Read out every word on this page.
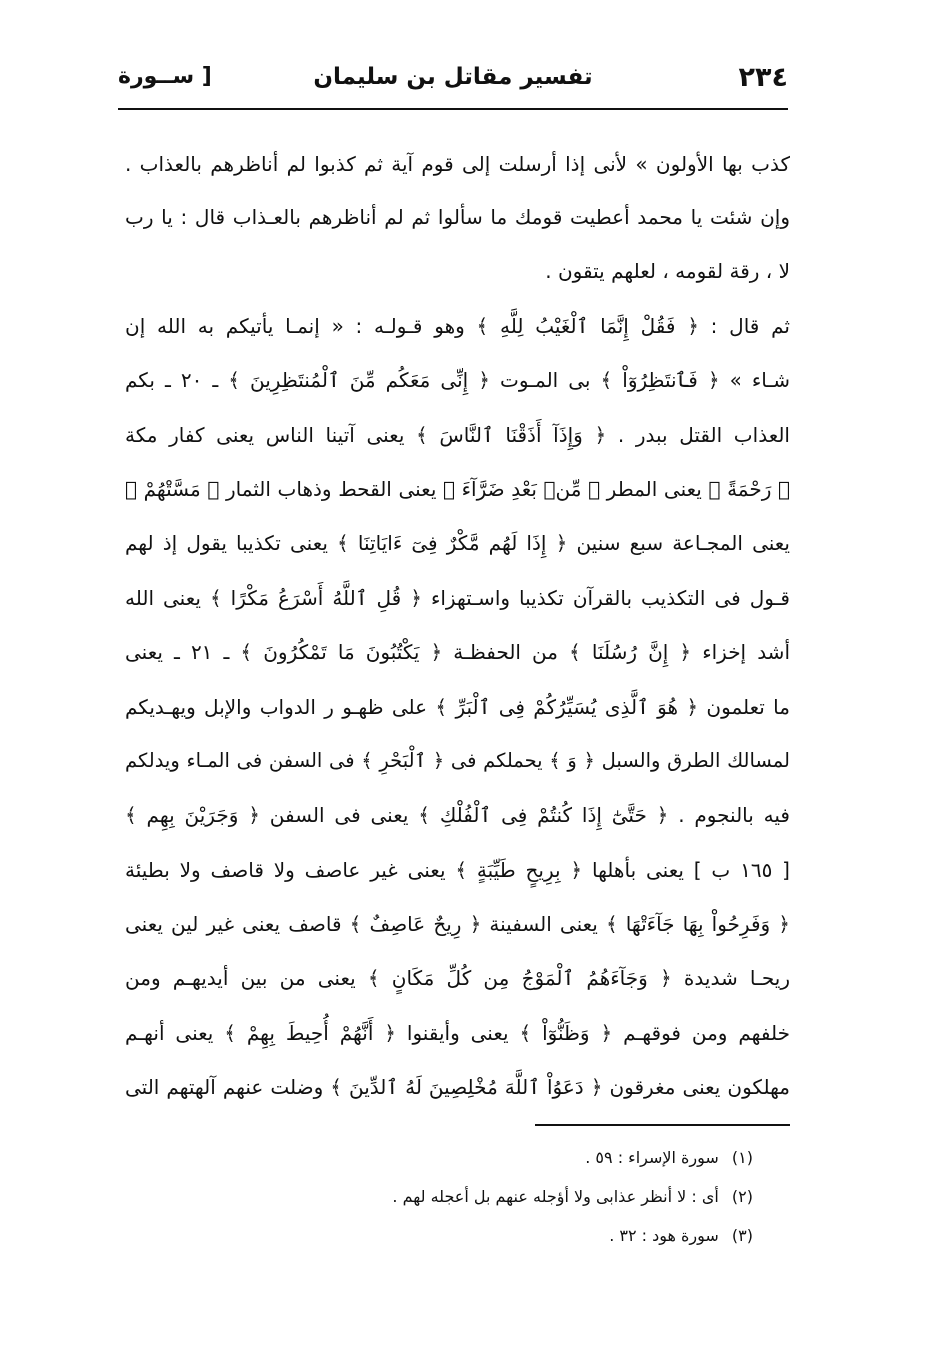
٢٣٤
تفسير مقاتل بن سليمان
[ ســورة
كذب بها الأولون » لأنى إذا أرسلت إلى قوم آية ثم كذبوا لم أناظرهم بالعذاب .
وإن شئت يا محمد أعطيت قومك ما سألوا ثم لم أناظرهم بالعـذاب قال : يا رب
لا ، رقة لقومه ، لعلهم يتقون .
ثم قال : ﴿ فَقُلْ إِنَّمَا ٱلْغَيْبُ لِلَّهِ ﴾ وهو قـولـه : « إنمـا يأتيكم به الله إن
شـاء » ﴿ فَٱنتَظِرُوٓاْ ﴾ بى المـوت ﴿ إِنِّى مَعَكُم مِّنَ ٱلْمُنتَظِرِينَ ﴾ ـ ٢٠ ـ بكم
العذاب القتل ببدر . ﴿ وَإِذَآ أَذَقْنَا ٱلنَّاسَ ﴾ يعنى آتينا الناس يعنى كفار مكة
﴿ رَحْمَةً ﴾ يعنى المطر ﴿ مِّنۢ بَعْدِ ضَرَّآءَ ﴾ يعنى القحط وذهاب الثمار ﴿ مَسَّتْهُمْ ﴾
يعنى المجـاعة سبع سنين ﴿ إِذَا لَهُم مَّكْرٌ فِىٓ ءَايَاتِنَا ﴾ يعنى تكذيبا يقول إذ لهم
قـول فى التكذيب بالقرآن تكذيبا واسـتهزاء ﴿ قُلِ ٱللَّهُ أَسْرَعُ مَكْرًا ﴾ يعنى الله
أشد إخزاء ﴿ إِنَّ رُسُلَنَا ﴾ من الحفظـة ﴿ يَكْتُبُونَ مَا تَمْكُرُونَ ﴾ ـ ٢١ ـ يعنى
ما تعلمون ﴿ هُوَ ٱلَّذِى يُسَيِّرُكُمْ فِى ٱلْبَرِّ ﴾ على ظهـو ر الدواب والإبل ويهـديكم
لمسالك الطرق والسبل ﴿ وَ ﴾ يحملكم فى ﴿ ٱلْبَحْرِ ﴾ فى السفن فى المـاء ويدلكم
فيه بالنجوم . ﴿ حَتَّىٰٓ إِذَا كُنتُمْ فِى ٱلْفُلْكِ ﴾ يعنى فى السفن ﴿ وَجَرَيْنَ بِهِم ﴾
[ ١٦٥ ب ] يعنى بأهلها ﴿ بِرِيحٍ طَيِّبَةٍ ﴾ يعنى غير عاصف ولا قاصف ولا بطيئة
﴿ وَفَرِحُواْ بِهَا جَآءَتْهَا ﴾ يعنى السفينة ﴿ رِيحٌ عَاصِفٌ ﴾ قاصف يعنى غير لين يعنى
ريحـا شديدة ﴿ وَجَآءَهُمُ ٱلْمَوْجُ مِن كُلِّ مَكَانٍ ﴾ يعنى من بين أيديهـم ومن
خلفهم ومن فوقهـم ﴿ وَظَنُّوٓاْ ﴾ يعنى وأيقنوا ﴿ أَنَّهُمْ أُحِيطَ بِهِمْ ﴾ يعنى أنهـم
مهلكون يعنى مغرقون ﴿ دَعَوُاْ ٱللَّهَ مُخْلِصِينَ لَهُ ٱلدِّينَ ﴾ وضلت عنهم آلهتهم التى
(١) سورة الإسراء : ٥٩ .
(٢) أى : لا أنظر عذابى ولا أؤجله عنهم بل أعجله لهم .
(٣) سورة هود : ٣٢ .
